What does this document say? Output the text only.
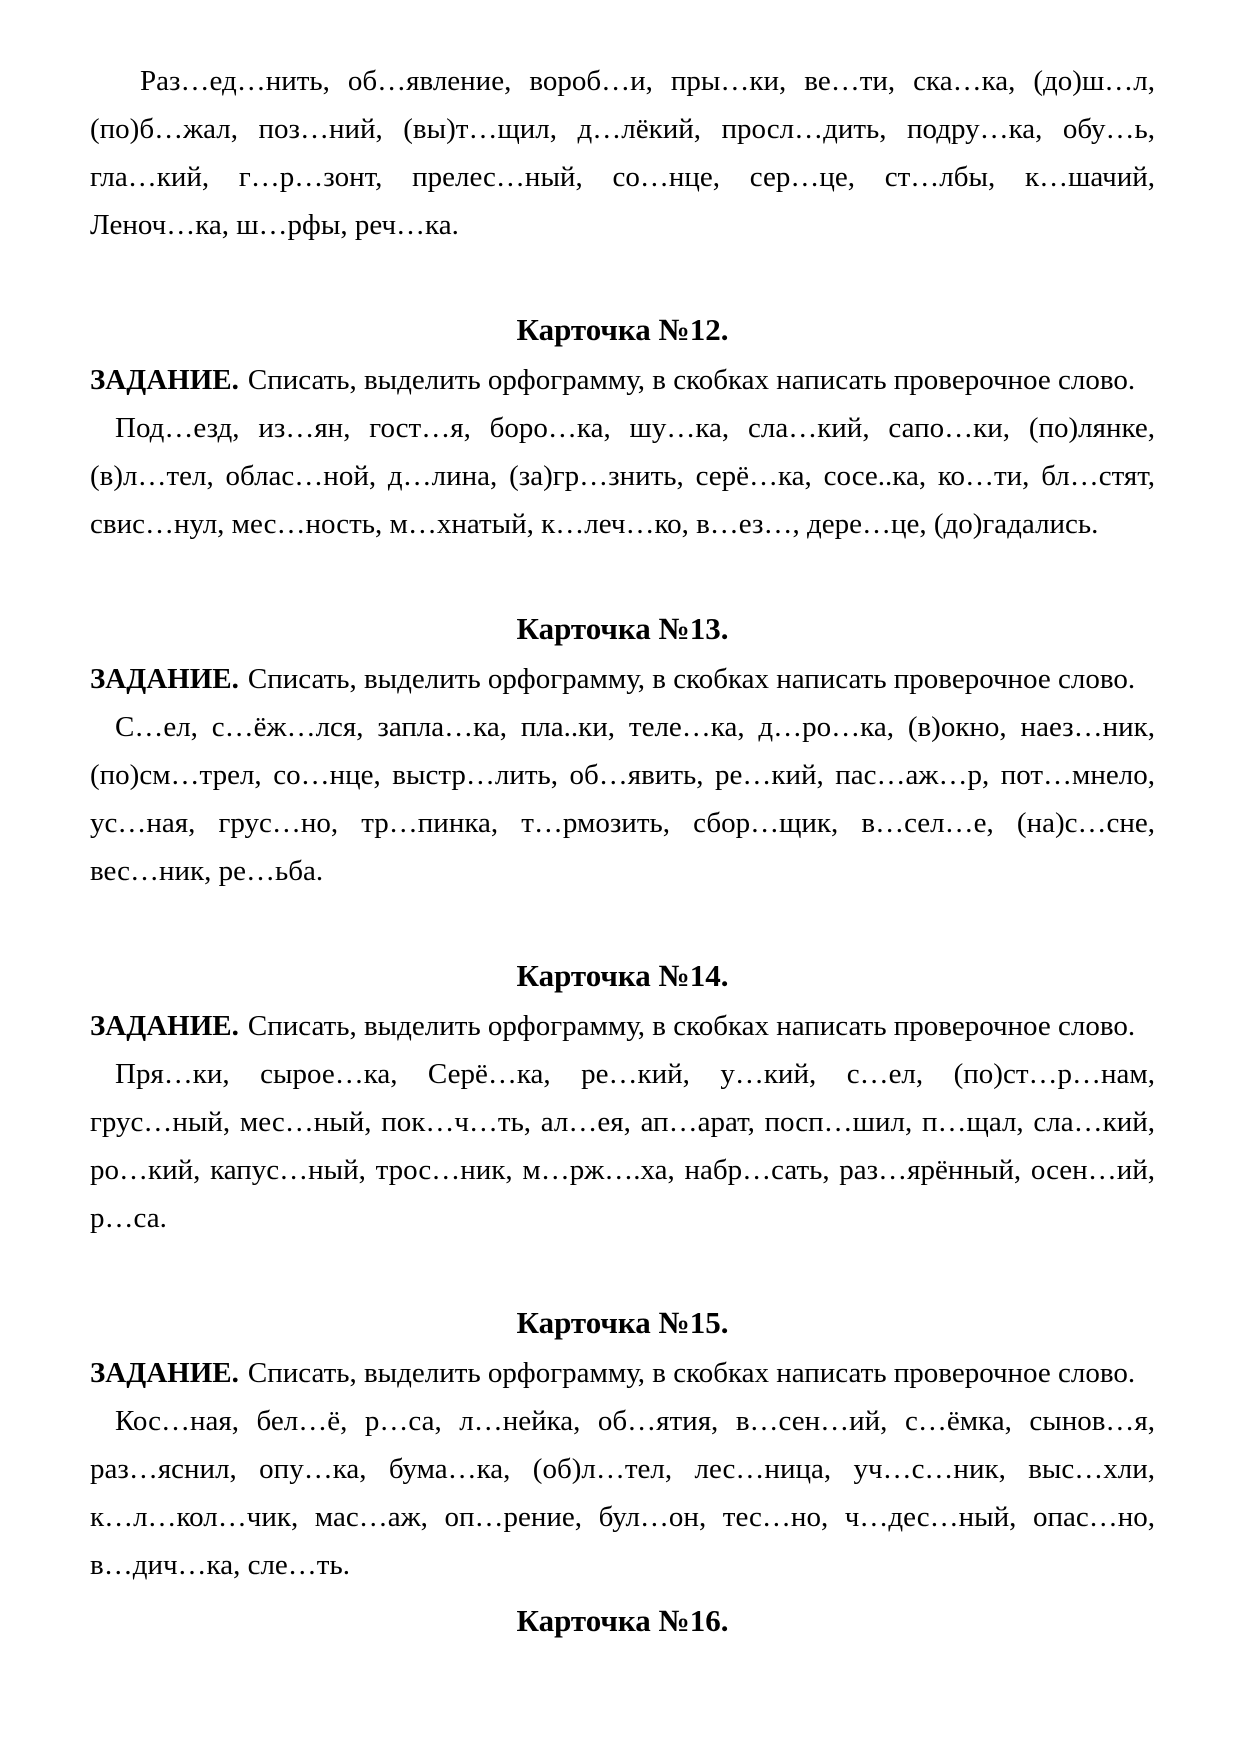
Раз…ед…нить, об…явление, вороб…и, пры…ки, ве…ти, ска…ка, (до)ш…л,
(по)б…жал, поз…ний, (вы)т…щил, д…лёкий, просл…дить, подру…ка, обу…ь,
гла…кий, г…р…зонт, прелес…ный, со…нце, сер…це, ст…лбы, к…шачий,
Леноч…ка, ш…рфы, реч…ка.
Карточка №12.
ЗАДАНИЕ. Списать, выделить орфограмму, в скобках написать проверочное слово.
Под…езд, из…ян, гост…я, боро…ка, шу…ка, сла…кий, сапо…ки, (по)лянке,
(в)л…тел, облас…ной, д…лина, (за)гр…знить, серё…ка, сосе..ка, ко…ти, бл…стят,
свис…нул, мес…ность, м…хнатый, к…леч…ко, в…ез…, дере…це, (до)гадались.
Карточка №13.
ЗАДАНИЕ. Списать, выделить орфограмму, в скобках написать проверочное слово.
С…ел, с…ёж…лся, запла…ка, пла..ки, теле…ка, д…ро…ка, (в)окно, наез…ник,
(по)см…трел, со…нце, выстр…лить, об…явить, ре…кий, пас…аж…р, пот…мнело,
ус…ная, грус…но, тр…пинка, т…рмозить, сбор…щик, в…сел…е, (на)с…сне,
вес…ник, ре…ьба.
Карточка №14.
ЗАДАНИЕ. Списать, выделить орфограмму, в скобках написать проверочное слово.
Пря…ки, сырое…ка, Серё…ка, ре…кий, у…кий, с…ел, (по)ст…р…нам,
грус…ный, мес…ный, пок…ч…ть, ал…ея, ап…арат, посп…шил, п…щал, сла…кий,
ро…кий, капус…ный, трос…ник, м…рж….ха, набр…сать, раз…ярённый, осен…ий,
р…са.
Карточка №15.
ЗАДАНИЕ. Списать, выделить орфограмму, в скобках написать проверочное слово.
Кос…ная, бел…ё, р…са, л…нейка, об…ятия, в…сен…ий, с…ёмка, сынов…я,
раз…яснил, опу…ка, бума…ка, (об)л…тел, лес…ница, уч…с…ник, выс…хли,
к…л…кол…чик, мас…аж, оп…рение, бул…он, тес…но, ч…дес…ный, опас…но,
в…дич…ка, сле…ть.
Карточка №16.
